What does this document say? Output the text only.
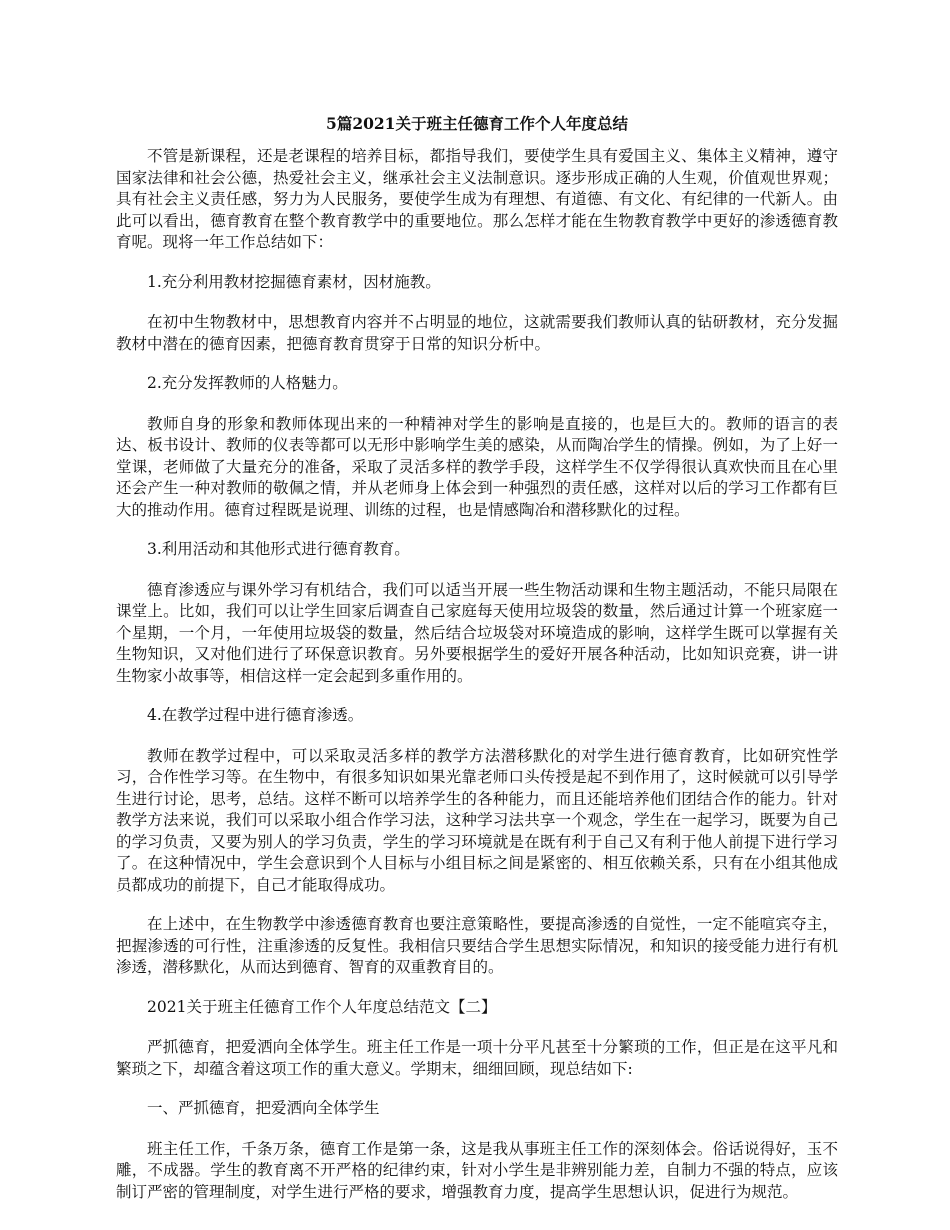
5篇2021关于班主任德育工作个人年度总结

不管是新课程，还是老课程的培养目标，都指导我们，要使学生具有爱国主义、集体主义精神，遵守国家法律和社会公德，热爱社会主义，继承社会主义法制意识。逐步形成正确的人生观，价值观世界观；具有社会主义责任感，努力为人民服务，要使学生成为有理想、有道德、有文化、有纪律的一代新人。由此可以看出，德育教育在整个教育教学中的重要地位。那么怎样才能在生物教育教学中更好的渗透德育教育呢。现将一年工作总结如下：

1.充分利用教材挖掘德育素材，因材施教。

在初中生物教材中，思想教育内容并不占明显的地位，这就需要我们教师认真的钻研教材，充分发掘教材中潜在的德育因素，把德育教育贯穿于日常的知识分析中。

2.充分发挥教师的人格魅力。

教师自身的形象和教师体现出来的一种精神对学生的影响是直接的，也是巨大的。教师的语言的表达、板书设计、教师的仪表等都可以无形中影响学生美的感染，从而陶冶学生的情操。例如，为了上好一堂课，老师做了大量充分的准备，采取了灵活多样的教学手段，这样学生不仅学得很认真欢快而且在心里还会产生一种对教师的敬佩之情，并从老师身上体会到一种强烈的责任感，这样对以后的学习工作都有巨大的推动作用。德育过程既是说理、训练的过程，也是情感陶冶和潜移默化的过程。

3.利用活动和其他形式进行德育教育。

德育渗透应与课外学习有机结合，我们可以适当开展一些生物活动课和生物主题活动，不能只局限在课堂上。比如，我们可以让学生回家后调查自己家庭每天使用垃圾袋的数量，然后通过计算一个班家庭一个星期，一个月，一年使用垃圾袋的数量，然后结合垃圾袋对环境造成的影响，这样学生既可以掌握有关生物知识，又对他们进行了环保意识教育。另外要根据学生的爱好开展各种活动，比如知识竞赛，讲一讲生物家小故事等，相信这样一定会起到多重作用的。

4.在教学过程中进行德育渗透。

教师在教学过程中，可以采取灵活多样的教学方法潜移默化的对学生进行德育教育，比如研究性学习，合作性学习等。在生物中，有很多知识如果光靠老师口头传授是起不到作用了，这时候就可以引导学生进行讨论，思考，总结。这样不断可以培养学生的各种能力，而且还能培养他们团结合作的能力。针对教学方法来说，我们可以采取小组合作学习法，这种学习法共享一个观念，学生在一起学习，既要为自己的学习负责，又要为别人的学习负责，学生的学习环境就是在既有利于自己又有利于他人前提下进行学习了。在这种情况中，学生会意识到个人目标与小组目标之间是紧密的、相互依赖关系，只有在小组其他成员都成功的前提下，自己才能取得成功。

在上述中，在生物教学中渗透德育教育也要注意策略性，要提高渗透的自觉性，一定不能喧宾夺主，把握渗透的可行性，注重渗透的反复性。我相信只要结合学生思想实际情况，和知识的接受能力进行有机渗透，潜移默化，从而达到德育、智育的双重教育目的。

2021关于班主任德育工作个人年度总结范文【二】

严抓德育，把爱洒向全体学生。班主任工作是一项十分平凡甚至十分繁琐的工作，但正是在这平凡和繁琐之下，却蕴含着这项工作的重大意义。学期末，细细回顾，现总结如下:

一、严抓德育，把爱洒向全体学生

班主任工作，千条万条，德育工作是第一条，这是我从事班主任工作的深刻体会。俗话说得好，玉不雕，不成器。学生的教育离不开严格的纪律约束，针对小学生是非辨别能力差，自制力不强的特点，应该制订严密的管理制度，对学生进行严格的要求，增强教育力度，提高学生思想认识，促进行为规范。
